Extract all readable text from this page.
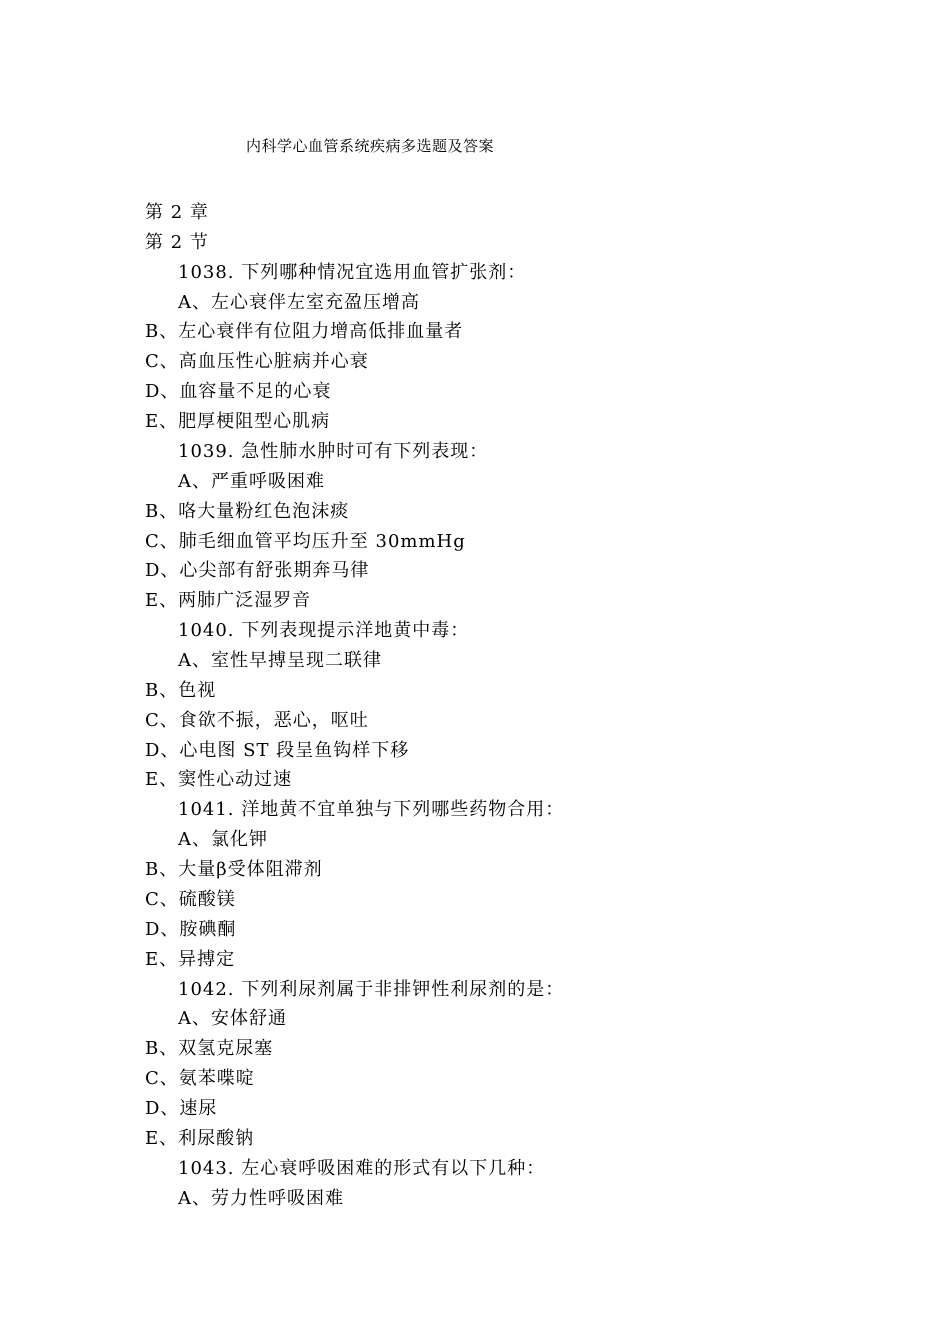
内科学心血管系统疾病多选题及答案
第 2 章
第 2 节
1038. 下列哪种情况宜选用血管扩张剂：
A、左心衰伴左室充盈压增高
B、左心衰伴有位阻力增高低排血量者
C、高血压性心脏病并心衰
D、血容量不足的心衰
E、肥厚梗阻型心肌病
1039. 急性肺水肿时可有下列表现：
A、严重呼吸困难
B、咯大量粉红色泡沫痰
C、肺毛细血管平均压升至 30mmHg
D、心尖部有舒张期奔马律
E、两肺广泛湿罗音
1040. 下列表现提示洋地黄中毒：
A、室性早搏呈现二联律
B、色视
C、食欲不振，恶心，呕吐
D、心电图 ST 段呈鱼钩样下移
E、窦性心动过速
1041. 洋地黄不宜单独与下列哪些药物合用：
A、氯化钾
B、大量β受体阻滞剂
C、硫酸镁
D、胺碘酮
E、异搏定
1042. 下列利尿剂属于非排钾性利尿剂的是：
A、安体舒通
B、双氢克尿塞
C、氨苯喋啶
D、速尿
E、利尿酸钠
1043. 左心衰呼吸困难的形式有以下几种：
A、劳力性呼吸困难
